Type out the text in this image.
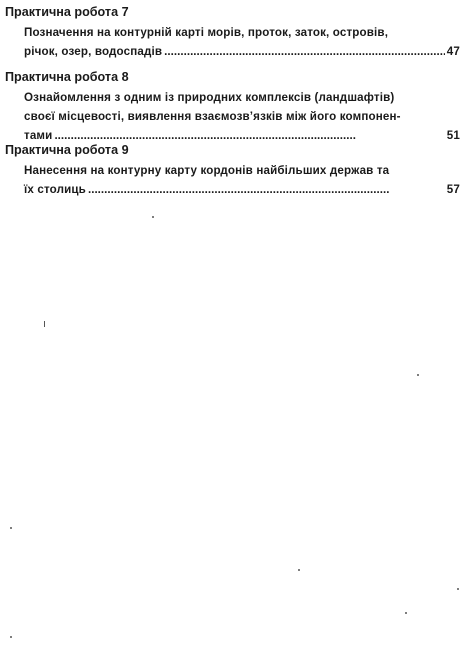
Практична робота 7
Позначення на контурній карті морів, проток, заток, островів,
річок, озер, водоспадів . . .	47
Практична робота 8
Ознайомлення з одним із природних комплексів (ландшафтів)
своєї місцевості, виявлення взаємозв’язків між його компонен-
тами . . .	51
Практична робота 9
Нанесення на контурну карту кордонів найбільших держав та
їх столиць . . .	57
